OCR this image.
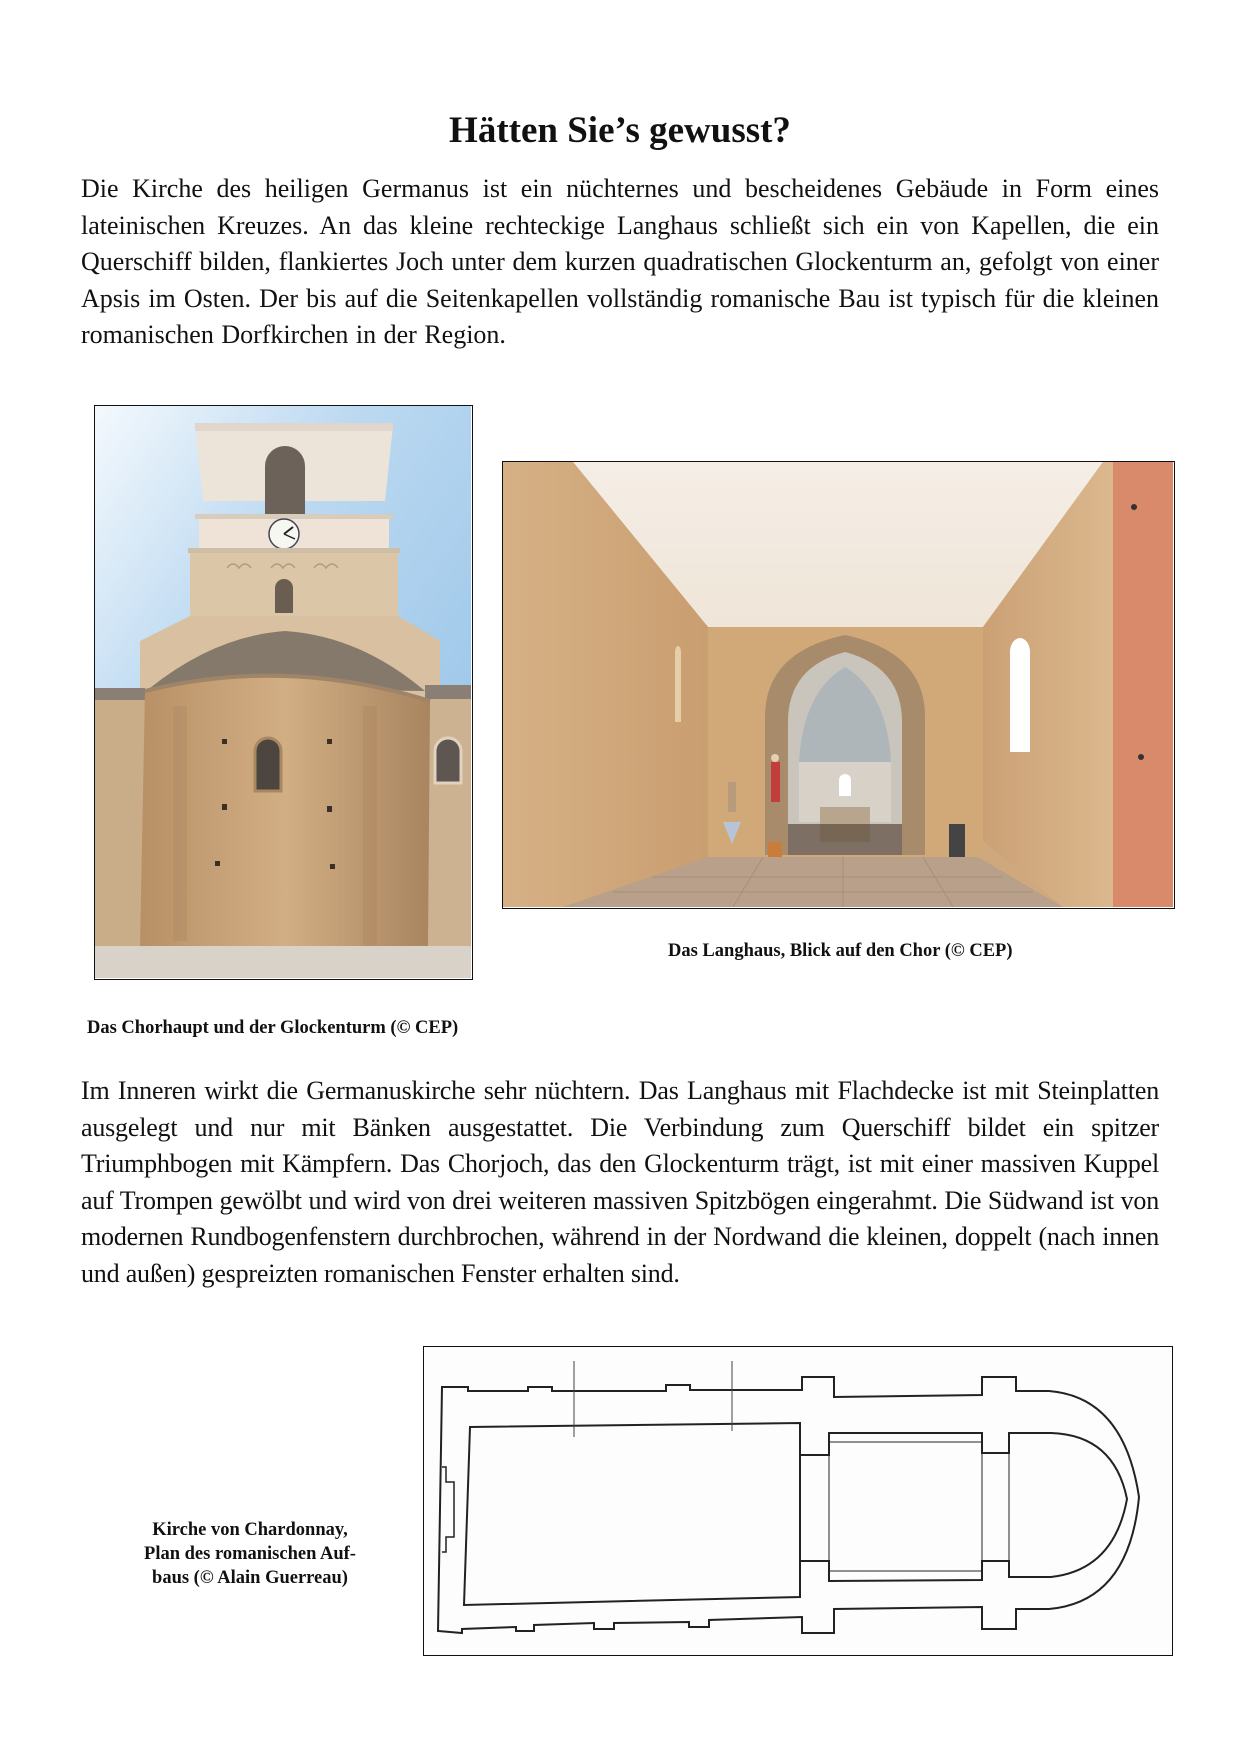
Hätten Sie’s gewusst?

Die Kirche des heiligen Germanus ist ein nüchternes und bescheidenes Gebäude in Form eines lateinischen Kreuzes. An das kleine rechteckige Langhaus schließt sich ein von Kapellen, die ein Querschiff bilden, flankiertes Joch unter dem kurzen quadratischen Glockenturm an, gefolgt von einer Apsis im Osten. Der bis auf die Seitenkapellen vollständig romanische Bau ist typisch für die kleinen romanischen Dorfkirchen in der Region.

Das Langhaus, Blick auf den Chor (© CEP)
Das Chorhaupt und der Glockenturm (© CEP)

Im Inneren wirkt die Germanuskirche sehr nüchtern. Das Langhaus mit Flachdecke ist mit Steinplatten ausgelegt und nur mit Bänken ausgestattet. Die Verbindung zum Querschiff bildet ein spitzer Triumphbogen mit Kämpfern. Das Chorjoch, das den Glockenturm trägt, ist mit einer massiven Kuppel auf Trompen gewölbt und wird von drei weiteren massiven Spitzbögen eingerahmt. Die Südwand ist von modernen Rundbogenfenstern durchbrochen, während in der Nordwand die kleinen, doppelt (nach innen und außen) gespreizten romanischen Fenster erhalten sind.

Kirche von Chardonnay,
Plan des romanischen Auf-
baus (© Alain Guerreau)
